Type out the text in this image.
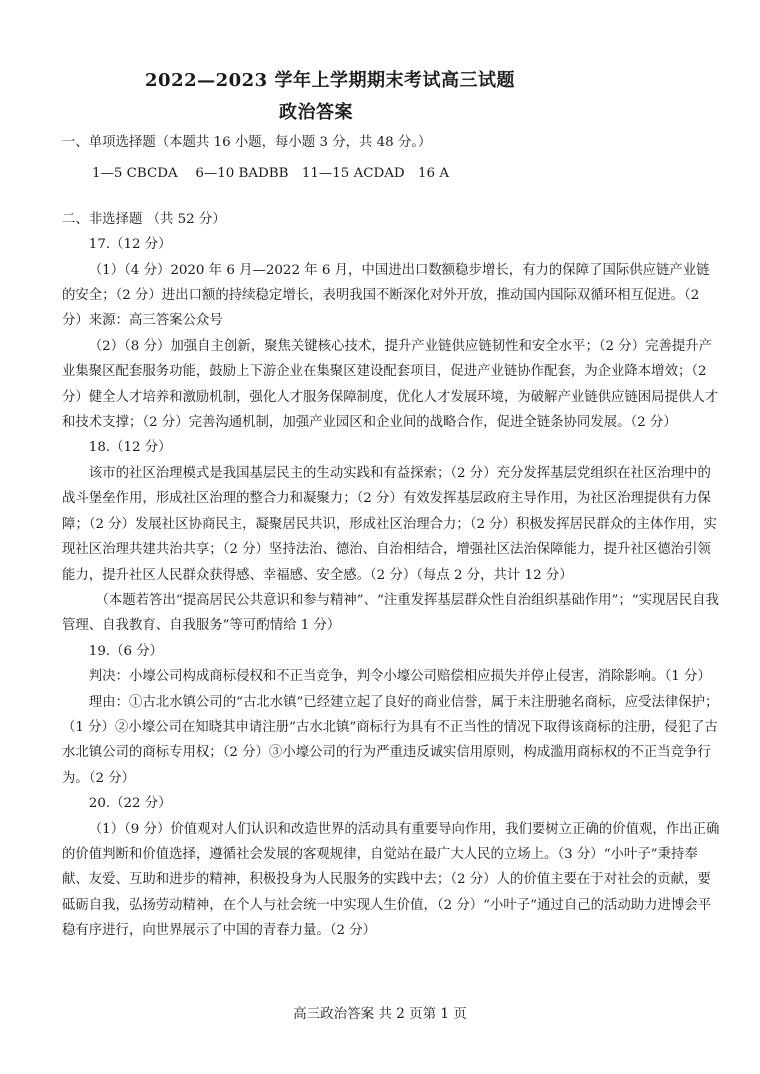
2022—2023 学年上学期期末考试高三试题
政治答案

一、单项选择题（本题共 16 小题，每小题 3 分，共 48 分。）

1—5 CBCDA　 6—10 BADBB　11—15 ACDAD　16 A

二、非选择题 （共 52 分）

17.（12 分）

（1）（4 分）2020 年 6 月—2022 年 6 月，中国进出口数额稳步增长，有力的保障了国际供应链产业链的安全；（2 分）进出口额的持续稳定增长，表明我国不断深化对外开放，推动国内国际双循环相互促进。（2 分）来源：高三答案公众号

（2）（8 分）加强自主创新，聚焦关键核心技术，提升产业链供应链韧性和安全水平；（2 分）完善提升产业集聚区配套服务功能，鼓励上下游企业在集聚区建设配套项目，促进产业链协作配套，为企业降本增效；（2 分）健全人才培养和激励机制，强化人才服务保障制度，优化人才发展环境，为破解产业链供应链困局提供人才和技术支撑；（2 分）完善沟通机制，加强产业园区和企业间的战略合作，促进全链条协同发展。（2 分）

18.（12 分）

该市的社区治理模式是我国基层民主的生动实践和有益探索；（2 分）充分发挥基层党组织在社区治理中的战斗堡垒作用，形成社区治理的整合力和凝聚力；（2 分）有效发挥基层政府主导作用，为社区治理提供有力保障；（2 分）发展社区协商民主，凝聚居民共识，形成社区治理合力；（2 分）积极发挥居民群众的主体作用，实现社区治理共建共治共享；（2 分）坚持法治、德治、自治相结合，增强社区法治保障能力，提升社区德治引领能力，提升社区人民群众获得感、幸福感、安全感。（2 分）（每点 2 分，共计 12 分）

（本题若答出“提高居民公共意识和参与精神”、“注重发挥基层群众性自治组织基础作用”；“实现居民自我管理、自我教育、自我服务”等可酌情给 1 分）

19.（6 分）

判决：小壕公司构成商标侵权和不正当竞争，判令小壕公司赔偿相应损失并停止侵害，消除影响。（1 分）

理由：①古北水镇公司的“古北水镇”已经建立起了良好的商业信誉，属于未注册驰名商标，应受法律保护；（1 分）②小壕公司在知晓其申请注册“古水北镇”商标行为具有不正当性的情况下取得该商标的注册，侵犯了古水北镇公司的商标专用权；（2 分）③小壕公司的行为严重违反诚实信用原则，构成滥用商标权的不正当竞争行为。（2 分）

20.（22 分）

（1）（9 分）价值观对人们认识和改造世界的活动具有重要导向作用，我们要树立正确的价值观，作出正确的价值判断和价值选择，遵循社会发展的客观规律，自觉站在最广大人民的立场上。（3 分）“小叶子”秉持奉献、友爱、互助和进步的精神，积极投身为人民服务的实践中去；（2 分）人的价值主要在于对社会的贡献，要砥砺自我，弘扬劳动精神，在个人与社会统一中实现人生价值，（2 分）“小叶子”通过自己的活动助力进博会平稳有序进行，向世界展示了中国的青春力量。（2 分）

高三政治答案 共 2 页第 1 页
